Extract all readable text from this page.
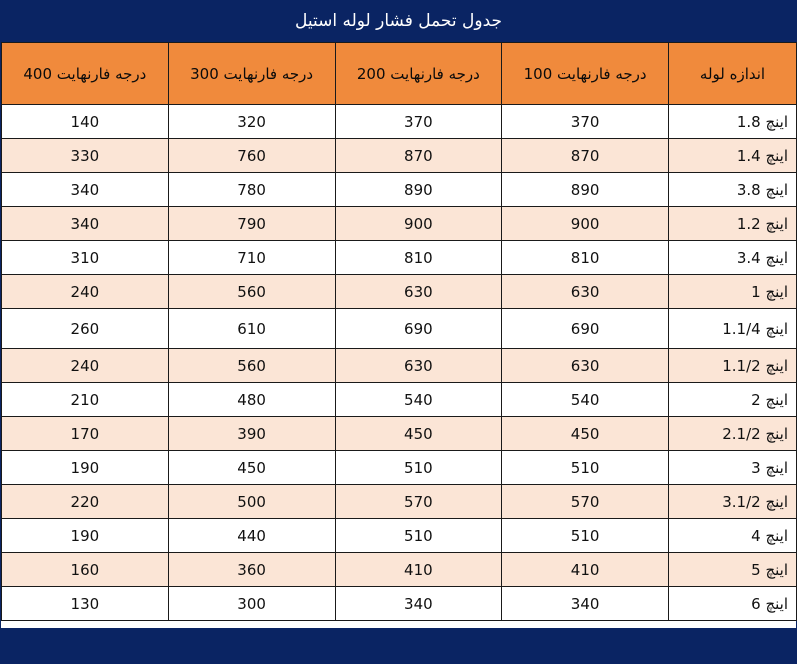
جدول تحمل فشار لوله استیل
اندازه لوله	درجه فارنهایت 100	درجه فارنهایت 200	درجه فارنهایت 300	درجه فارنهایت 400
اینچ 1.8	370	370	320	140
اینچ 1.4	870	870	760	330
اینچ 3.8	890	890	780	340
اینچ 1.2	900	900	790	340
اینچ 3.4	810	810	710	310
اینچ 1	630	630	560	240
اینچ 1.1/4	690	690	610	260
اینچ 1.1/2	630	630	560	240
اینچ 2	540	540	480	210
اینچ 2.1/2	450	450	390	170
اینچ 3	510	510	450	190
اینچ 3.1/2	570	570	500	220
اینچ 4	510	510	440	190
اینچ 5	410	410	360	160
اینچ 6	340	340	300	130
